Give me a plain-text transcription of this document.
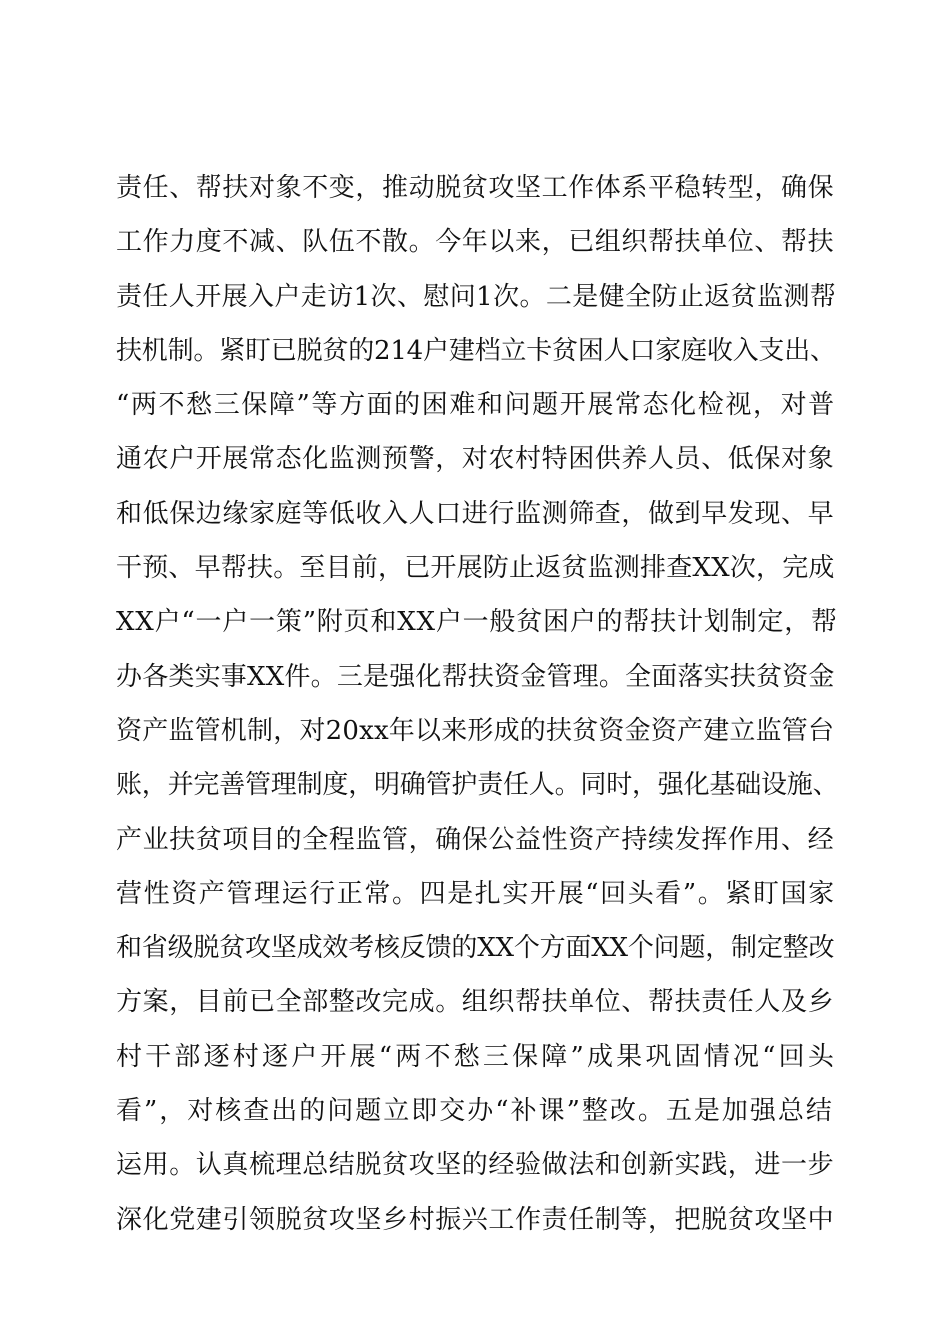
责任、帮扶对象不变，推动脱贫攻坚工作体系平稳转型，确保
工作力度不减、队伍不散。今年以来，已组织帮扶单位、帮扶
责任人开展入户走访1次、慰问1次。二是健全防止返贫监测帮
扶机制。紧盯已脱贫的214户建档立卡贫困人口家庭收入支出、
“两不愁三保障”等方面的困难和问题开展常态化检视，对普
通农户开展常态化监测预警，对农村特困供养人员、低保对象
和低保边缘家庭等低收入人口进行监测筛查，做到早发现、早
干预、早帮扶。至目前，已开展防止返贫监测排查XX次，完成
XX户“一户一策”附页和XX户一般贫困户的帮扶计划制定，帮
办各类实事XX件。三是强化帮扶资金管理。全面落实扶贫资金
资产监管机制，对20xx年以来形成的扶贫资金资产建立监管台
账，并完善管理制度，明确管护责任人。同时，强化基础设施、
产业扶贫项目的全程监管，确保公益性资产持续发挥作用、经
营性资产管理运行正常。四是扎实开展“回头看”。紧盯国家
和省级脱贫攻坚成效考核反馈的XX个方面XX个问题，制定整改
方案，目前已全部整改完成。组织帮扶单位、帮扶责任人及乡
村干部逐村逐户开展“两不愁三保障”成果巩固情况“回头
看”，对核查出的问题立即交办“补课”整改。五是加强总结
运用。认真梳理总结脱贫攻坚的经验做法和创新实践，进一步
深化党建引领脱贫攻坚乡村振兴工作责任制等，把脱贫攻坚中
